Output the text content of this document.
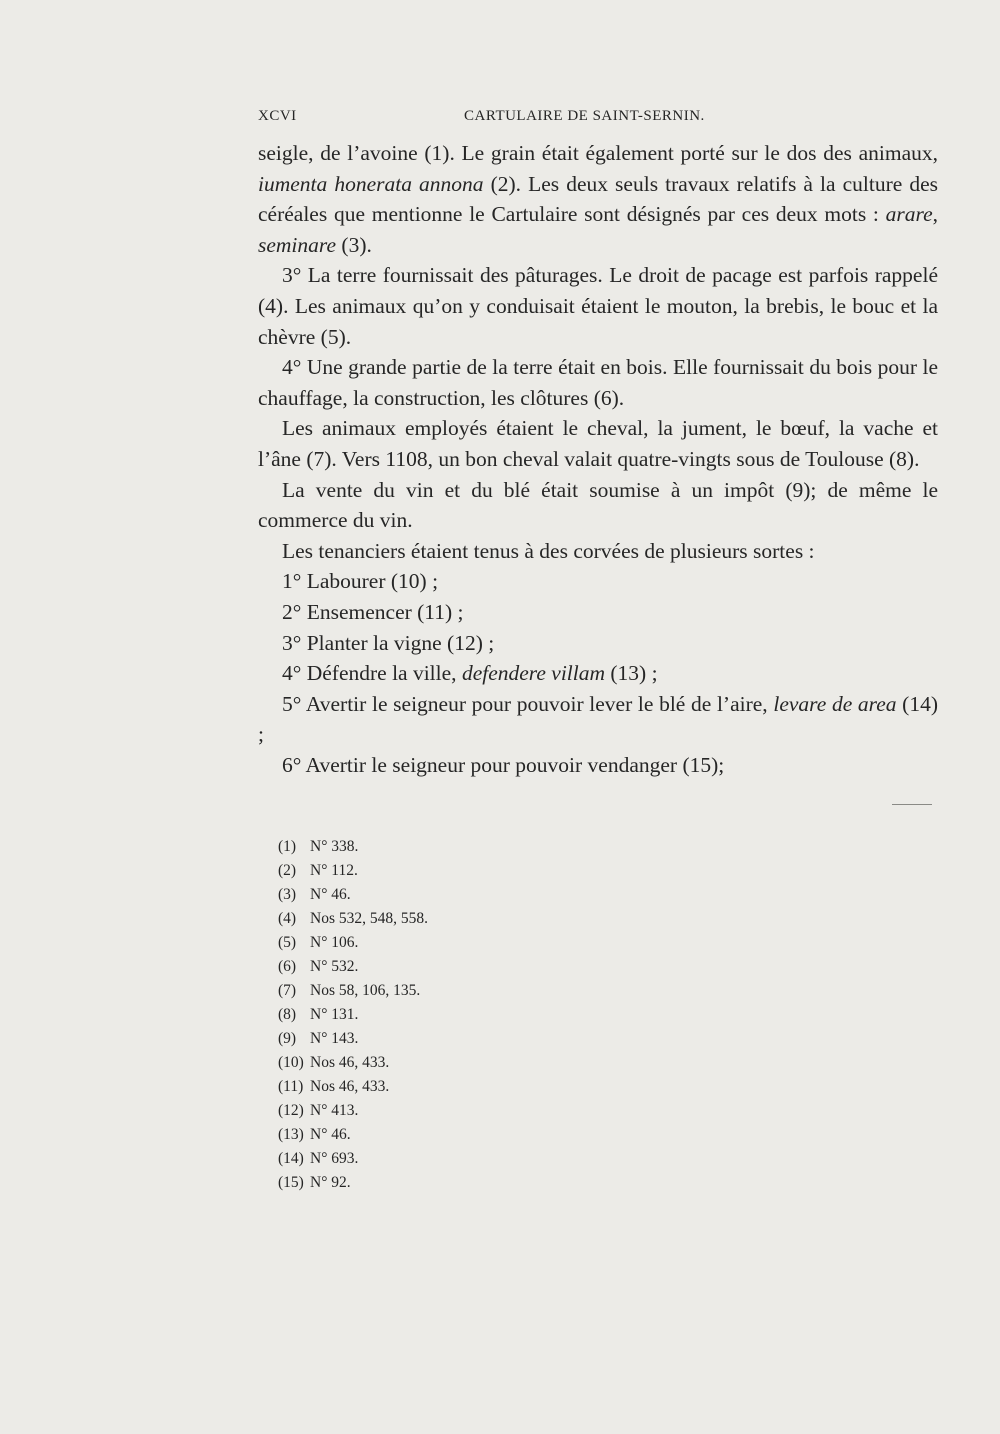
XCVI	CARTULAIRE DE SAINT-SERNIN.

seigle, de l’avoine (1). Le grain était également porté sur le dos des animaux, iumenta honerata annona (2). Les deux seuls travaux relatifs à la culture des céréales que mentionne le Cartulaire sont désignés par ces deux mots : arare, seminare (3).

3° La terre fournissait des pâturages. Le droit de pacage est parfois rappelé (4). Les animaux qu’on y conduisait étaient le mouton, la brebis, le bouc et la chèvre (5).

4° Une grande partie de la terre était en bois. Elle fournissait du bois pour le chauffage, la construction, les clôtures (6).

Les animaux employés étaient le cheval, la jument, le bœuf, la vache et l’âne (7). Vers 1108, un bon cheval valait quatre-vingts sous de Toulouse (8).

La vente du vin et du blé était soumise à un impôt (9); de même le commerce du vin.

Les tenanciers étaient tenus à des corvées de plusieurs sortes :

1° Labourer (10) ;

2° Ensemencer (11) ;

3° Planter la vigne (12) ;

4° Défendre la ville, defendere villam (13) ;

5° Avertir le seigneur pour pouvoir lever le blé de l’aire, levare de area (14) ;

6° Avertir le seigneur pour pouvoir vendanger (15);

(1) N° 338.
(2) N° 112.
(3) N° 46.
(4) Nos 532, 548, 558.
(5) N° 106.
(6) N° 532.
(7) Nos 58, 106, 135.
(8) N° 131.
(9) N° 143.
(10) Nos 46, 433.
(11) Nos 46, 433.
(12) N° 413.
(13) N° 46.
(14) N° 693.
(15) N° 92.
